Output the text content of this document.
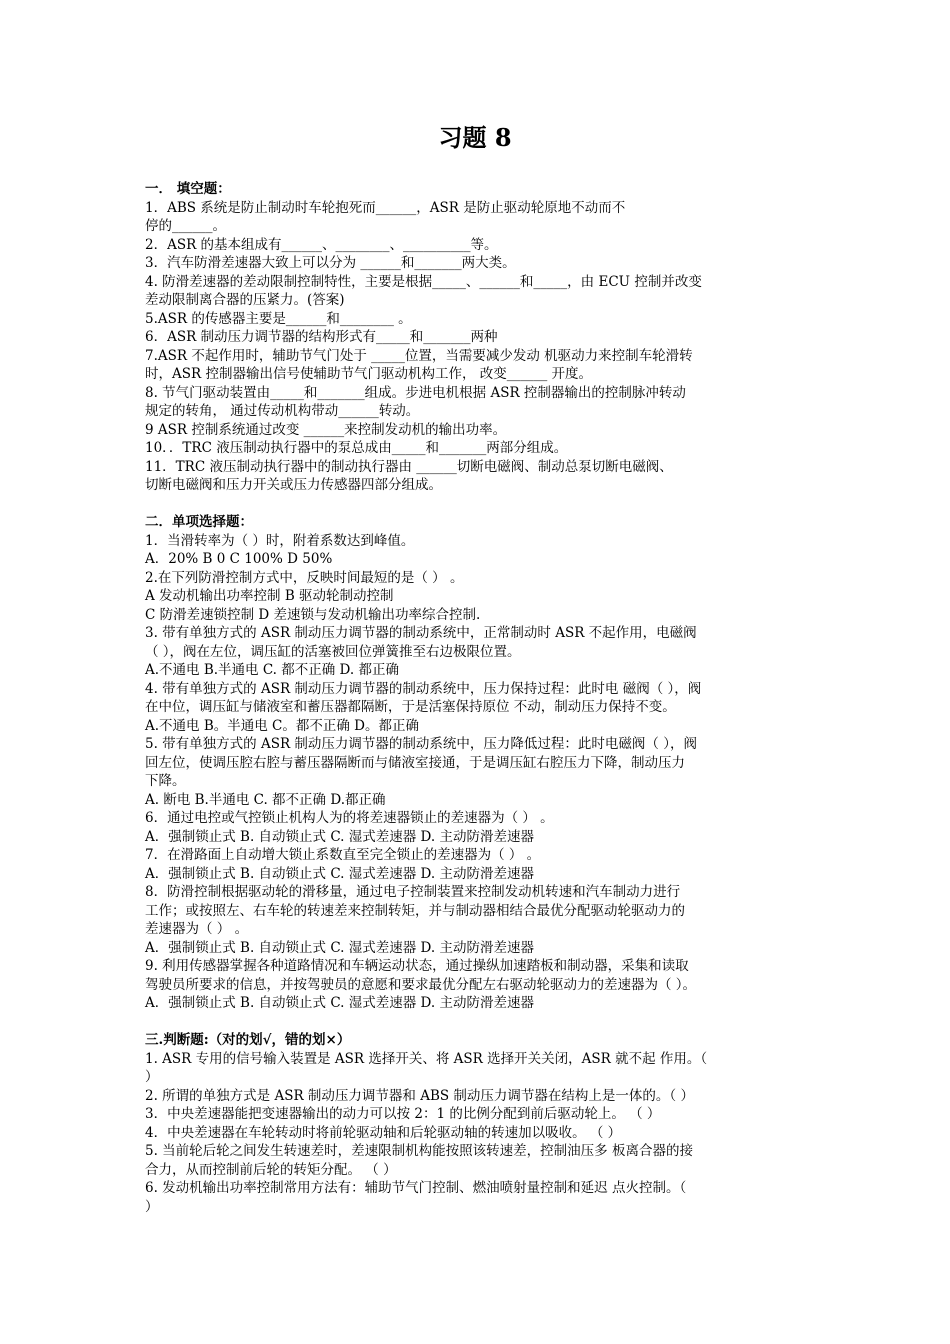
习题 8
一． 填空题：
1．ABS 系统是防止制动时车轮抱死而______，ASR 是防止驱动轮原地不动而不
停的______。
2．ASR 的基本组成有______、________、__________等。
3．汽车防滑差速器大致上可以分为 ______和_______两大类。
4. 防滑差速器的差动限制控制特性，主要是根据_____、______和_____，由 ECU 控制并改变
差动限制离合器的压紧力。(答案)
5.ASR 的传感器主要是______和________ 。
6．ASR 制动压力调节器的结构形式有_____和_______两种
7.ASR 不起作用时，辅助节气门处于 _____位置，当需要减少发动 机驱动力来控制车轮滑转
时，ASR 控制器输出信号使辅助节气门驱动机构工作， 改变______ 开度。
8. 节气门驱动装置由_____和_______组成。步进电机根据 ASR 控制器输出的控制脉冲转动
规定的转角， 通过传动机构带动______转动。
9 ASR 控制系统通过改变 ______来控制发动机的输出功率。
10．．TRC 液压制动执行器中的泵总成由_____和_______两部分组成。
11．TRC 液压制动执行器中的制动执行器由 ______切断电磁阀、制动总泵切断电磁阀、
切断电磁阀和压力开关或压力传感器四部分组成。
二．单项选择题：
1．当滑转率为（ ）时，附着系数达到峰值。
A．20% B 0 C 100% D 50%
2.在下列防滑控制方式中，反映时间最短的是（ ） 。
A 发动机输出功率控制 B 驱动轮制动控制
C 防滑差速锁控制 D 差速锁与发动机输出功率综合控制.
3. 带有单独方式的 ASR 制动压力调节器的制动系统中，正常制动时 ASR 不起作用，电磁阀
（ ），阀在左位，调压缸的活塞被回位弹簧推至右边极限位置。
A.不通电 B.半通电 C. 都不正确 D. 都正确
4. 带有单独方式的 ASR 制动压力调节器的制动系统中，压力保持过程：此时电 磁阀（ ），阀
在中位，调压缸与储液室和蓄压器都隔断，于是活塞保持原位 不动，制动压力保持不变。
A.不通电 B。半通电 C。都不正确 D。都正确
5. 带有单独方式的 ASR 制动压力调节器的制动系统中，压力降低过程：此时电磁阀（ ），阀
回左位，使调压腔右腔与蓄压器隔断而与储液室接通，于是调压缸右腔压力下降，制动压力
下降。
A. 断电 B.半通电 C. 都不正确 D.都正确
6．通过电控或气控锁止机构人为的将差速器锁止的差速器为（ ） 。
A．强制锁止式 B. 自动锁止式 C. 湿式差速器 D. 主动防滑差速器
7．在滑路面上自动增大锁止系数直至完全锁止的差速器为（ ） 。
A．强制锁止式 B. 自动锁止式 C. 湿式差速器 D. 主动防滑差速器
8．防滑控制根据驱动轮的滑移量，通过电子控制装置来控制发动机转速和汽车制动力进行
工作；或按照左、右车轮的转速差来控制转矩，并与制动器相结合最优分配驱动轮驱动力的
差速器为（ ） 。
A．强制锁止式 B. 自动锁止式 C. 湿式差速器 D. 主动防滑差速器
9. 利用传感器掌握各种道路情况和车辆运动状态，通过操纵加速踏板和制动器，采集和读取
驾驶员所要求的信息，并按驾驶员的意愿和要求最优分配左右驱动轮驱动力的差速器为（ ）。
A．强制锁止式 B. 自动锁止式 C. 湿式差速器 D. 主动防滑差速器
三.判断题:（对的划√，错的划×）
1. ASR 专用的信号输入装置是 ASR 选择开关、将 ASR 选择开关关闭，ASR 就不起 作用。（
）
2. 所谓的单独方式是 ASR 制动压力调节器和 ABS 制动压力调节器在结构上是一体的。（ ）
3．中央差速器能把变速器输出的动力可以按 2：1 的比例分配到前后驱动轮上。 （ ）
4．中央差速器在车轮转动时将前轮驱动轴和后轮驱动轴的转速加以吸收。 （ ）
5. 当前轮后轮之间发生转速差时，差速限制机构能按照该转速差，控制油压多 板离合器的接
合力，从而控制前后轮的转矩分配。 （ ）
6. 发动机输出功率控制常用方法有：辅助节气门控制、燃油喷射量控制和延迟 点火控制。（
）
